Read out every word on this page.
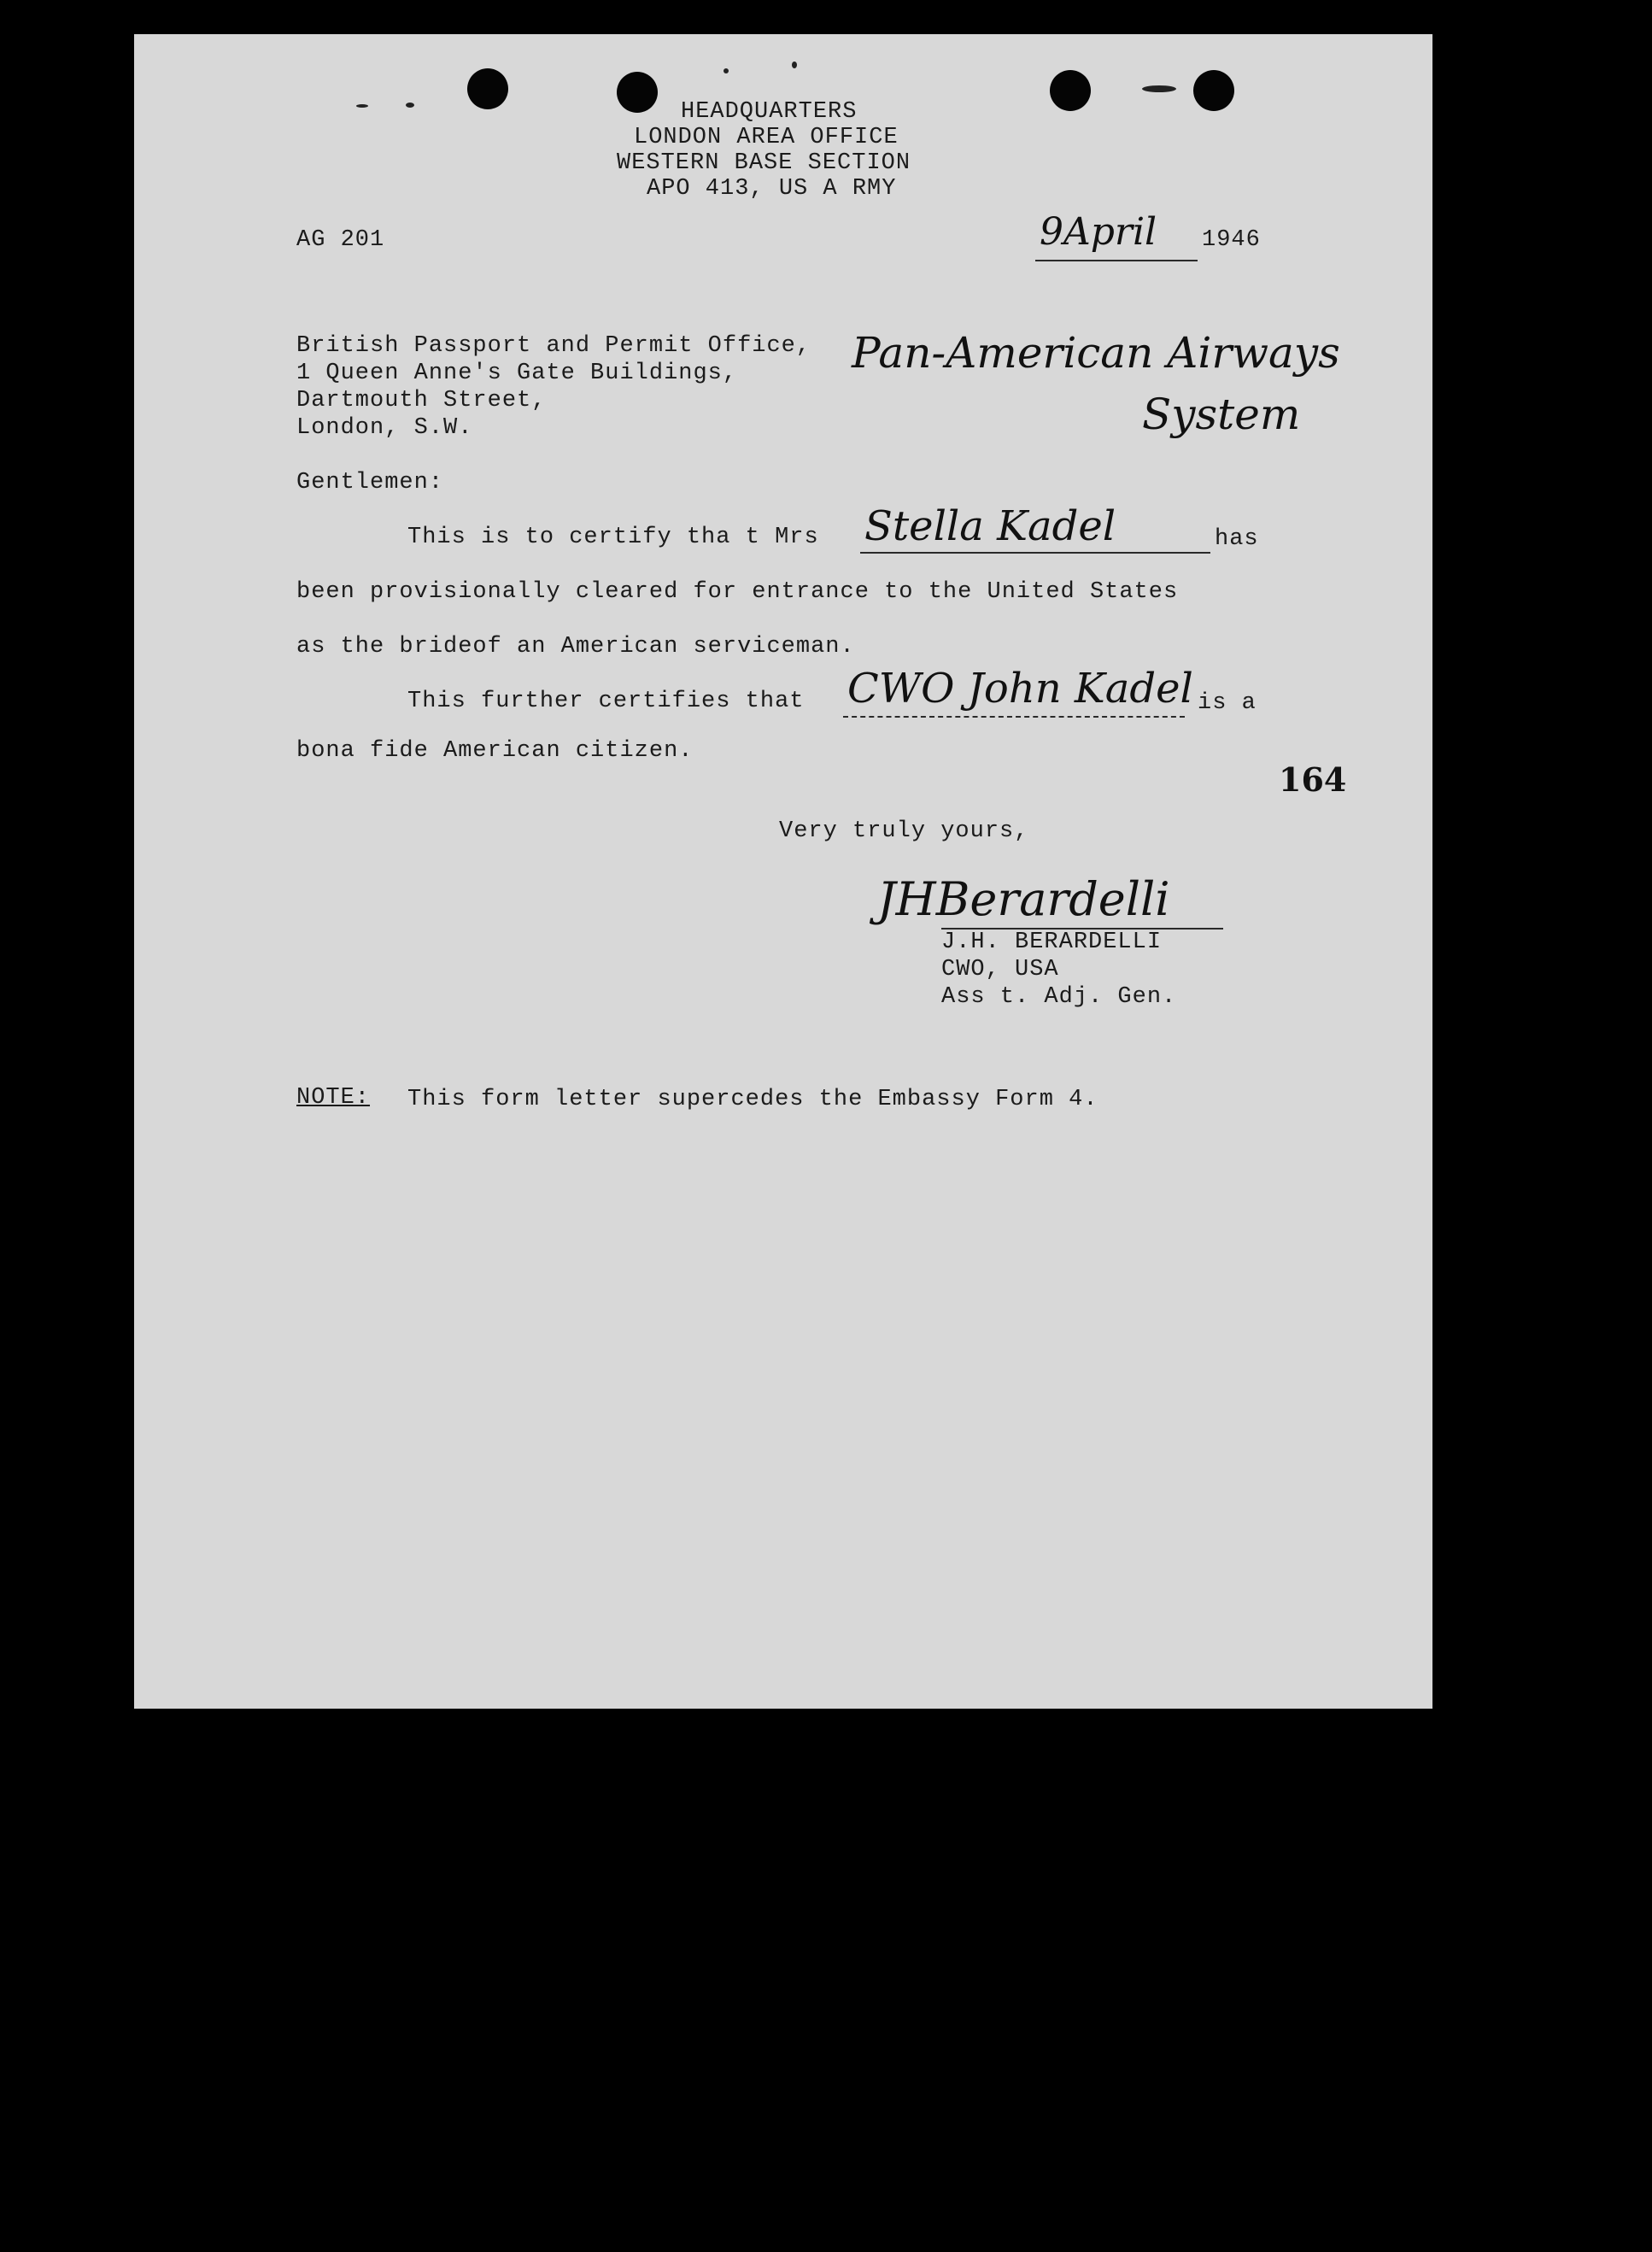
HEADQUARTERS
LONDON AREA OFFICE
WESTERN BASE SECTION
APO 413, US A RMY
AG 201	9April 1946
British Passport and Permit Office,
1 Queen Anne's Gate Buildings,
Dartmouth Street,
London, S.W.
Pan-American Airways
System
Gentlemen:
This is to certify tha t Mrs Stella Kadel	has
been provisionally cleared for entrance to the United States
as the brideof an American serviceman.
This further certifies that CWO John Kadel is a
bona fide American citizen.
164
Very truly yours,
JHBerardelli
J.H. BERARDELLI
CWO, USA
Ass t. Adj. Gen.
NOTE: This form letter supercedes the Embassy Form 4.
